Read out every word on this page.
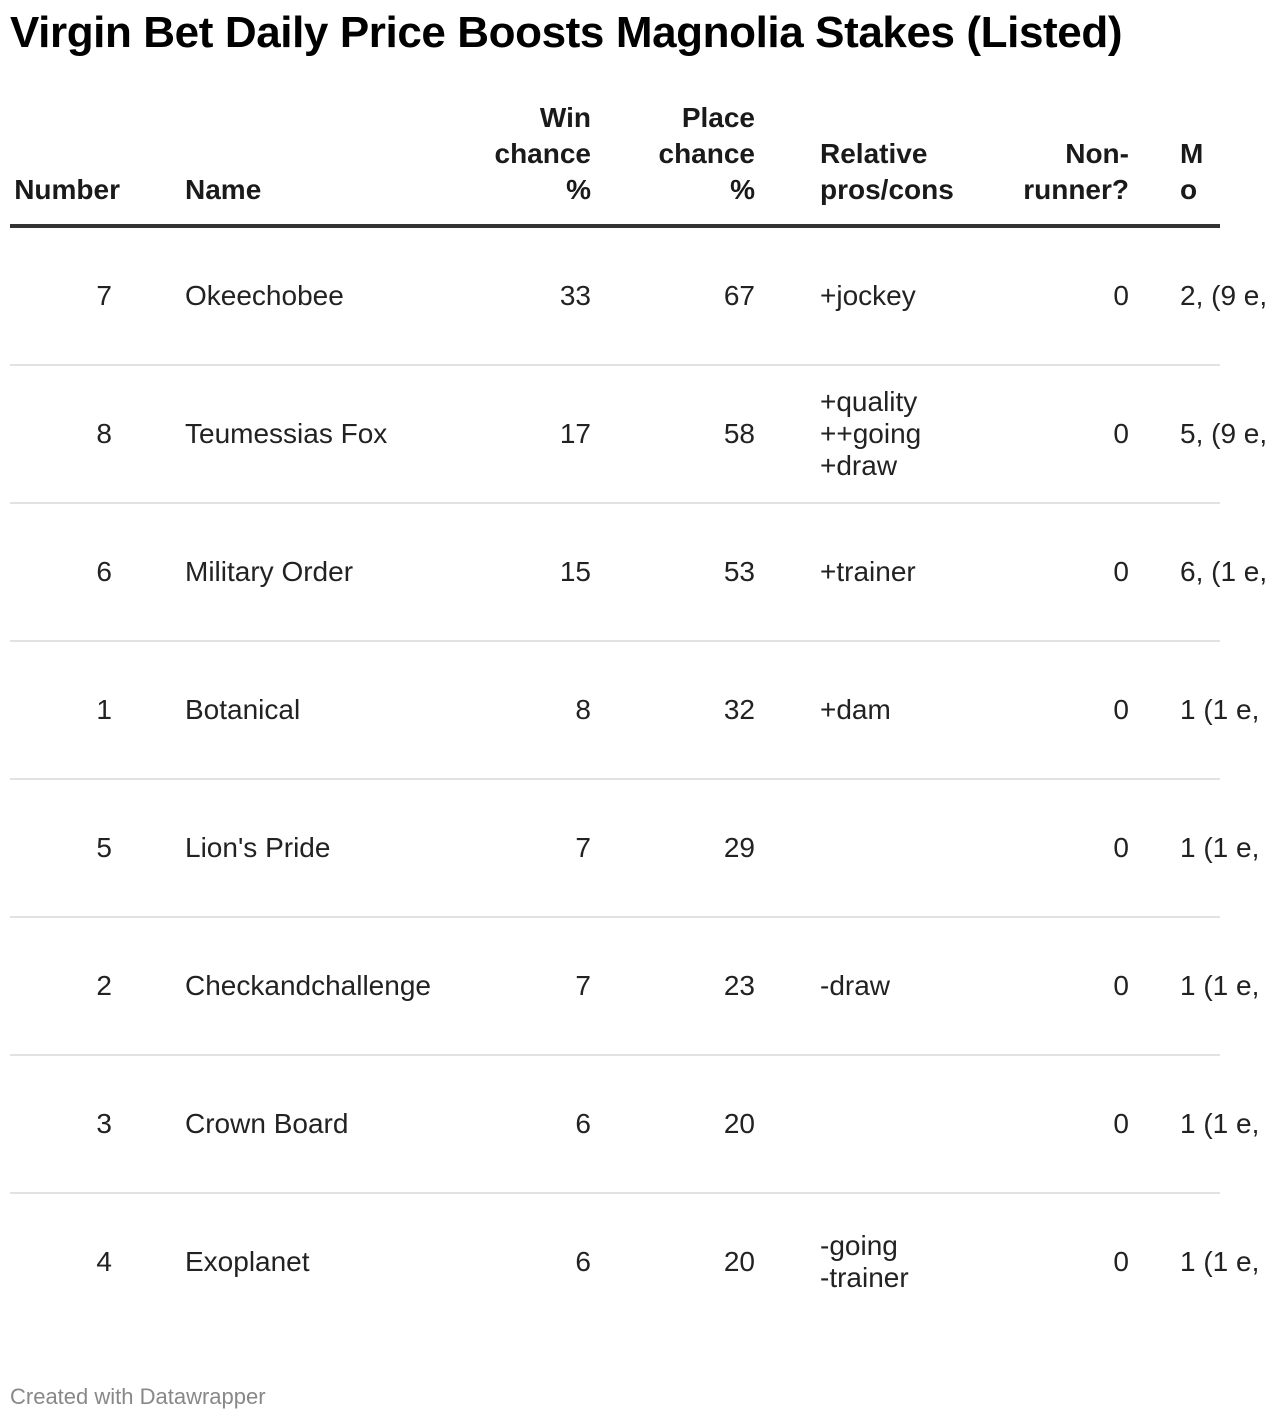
Virgin Bet Daily Price Boosts Magnolia Stakes (Listed)
Number	Name	Win
chance
%	Place
chance
%	Relative
pros/cons	Non-
runner?	M
o
7	Okeechobee	33	67	+jockey	0	2, (9 e,
8	Teumessias Fox	17	58	+quality
++going
+draw	0	5, (9 e,
6	Military Order	15	53	+trainer	0	6, (1 e,
1	Botanical	8	32	+dam	0	1 (1 e,
5	Lion's Pride	7	29		0	1 (1 e,
2	Checkandchallenge	7	23	-draw	0	1 (1 e,
3	Crown Board	6	20		0	1 (1 e,
4	Exoplanet	6	20	-going
-trainer	0	1 (1 e,
Created with Datawrapper
